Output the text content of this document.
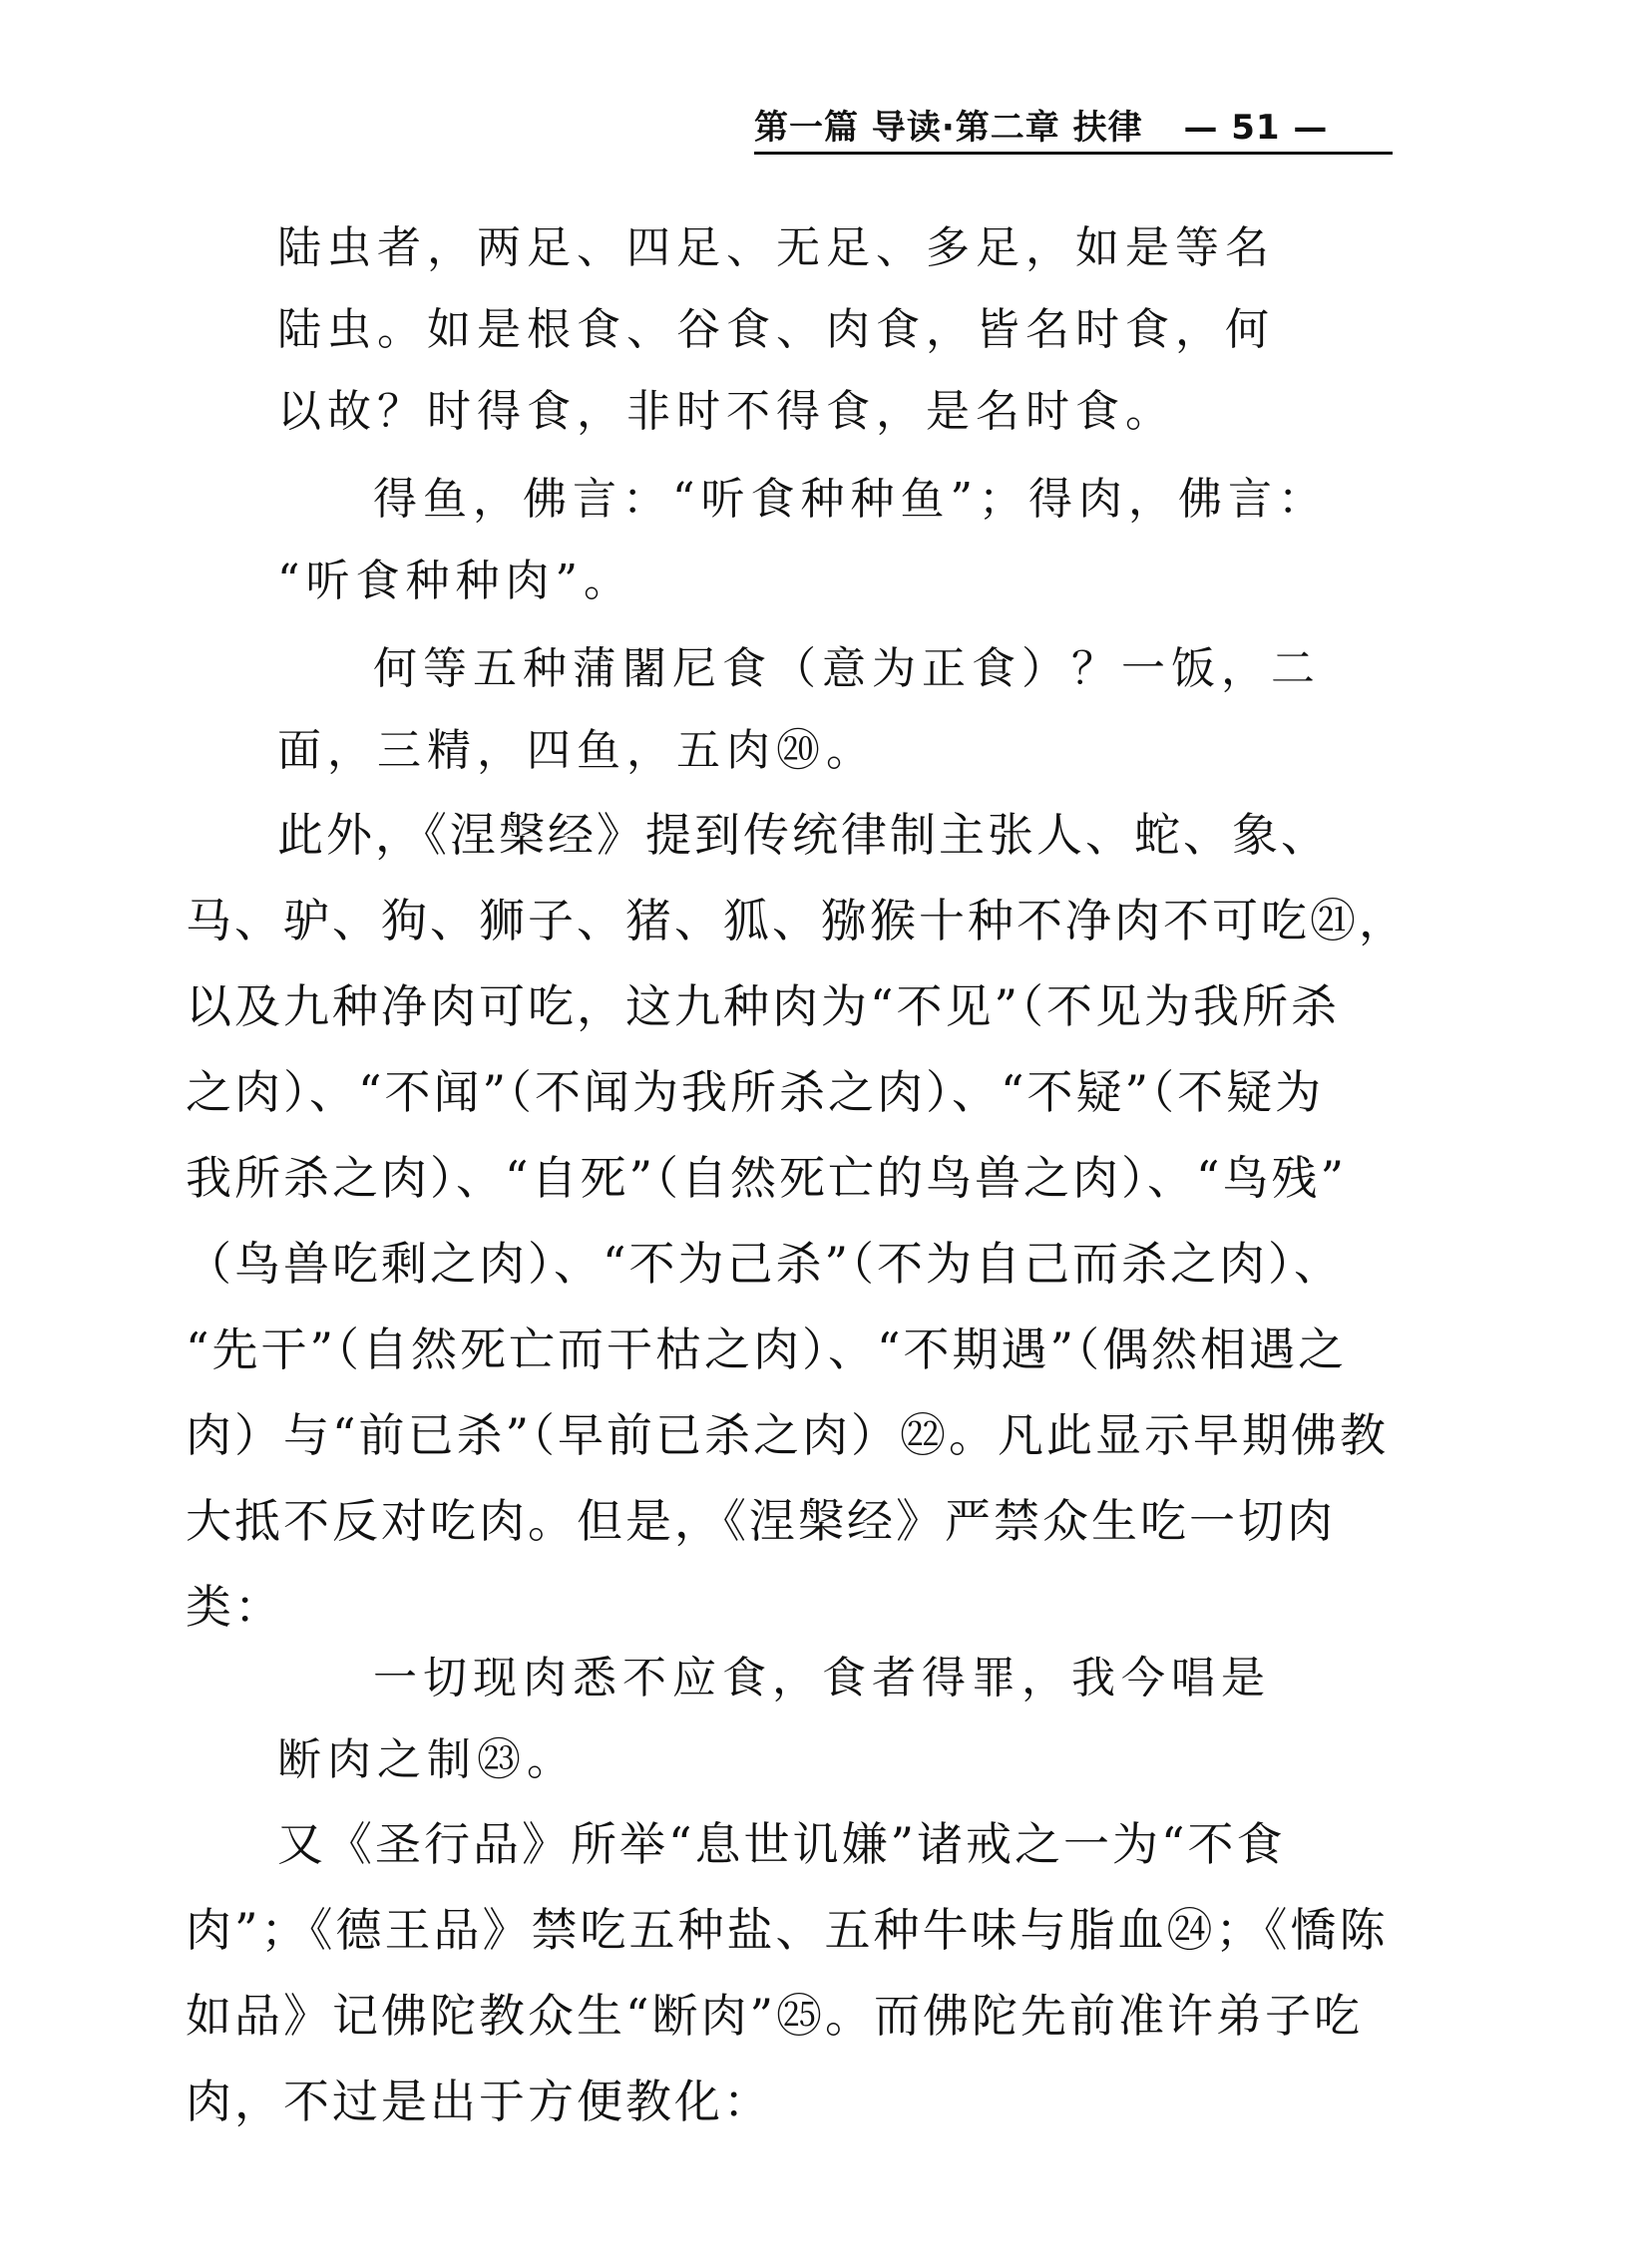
第一篇 导读·第二章 扶律 — 51 —
陆虫者，两足、四足、无足、多足，如是等名
陆虫。如是根食、谷食、肉食，皆名时食，何
以故？时得食，非时不得食，是名时食。
得鱼，佛言：“听食种种鱼”；得肉，佛言：
“听食种种肉”。
何等五种蒲闍尼食（意为正食）？一饭，二
面，三精，四鱼，五肉⑳。
此外，《涅槃经》提到传统律制主张人、蛇、象、
马、驴、狗、狮子、猪、狐、猕猴十种不净肉不可吃㉑，
以及九种净肉可吃，这九种肉为“不见”（不见为我所杀
之肉）、“不闻”（不闻为我所杀之肉）、“不疑”（不疑为
我所杀之肉）、“自死”（自然死亡的鸟兽之肉）、“鸟残”
（鸟兽吃剩之肉）、“不为己杀”（不为自己而杀之肉）、
“先干”（自然死亡而干枯之肉）、“不期遇”（偶然相遇之
肉）与“前已杀”（早前已杀之肉）㉒。凡此显示早期佛教
大抵不反对吃肉。但是，《涅槃经》严禁众生吃一切肉
类：
一切现肉悉不应食，食者得罪，我今唱是
断肉之制㉓。
又《圣行品》所举“息世讥嫌”诸戒之一为“不食
肉”；《德王品》禁吃五种盐、五种牛味与脂血㉔；《憍陈
如品》记佛陀教众生“断肉”㉕。而佛陀先前准许弟子吃
肉，不过是出于方便教化：
